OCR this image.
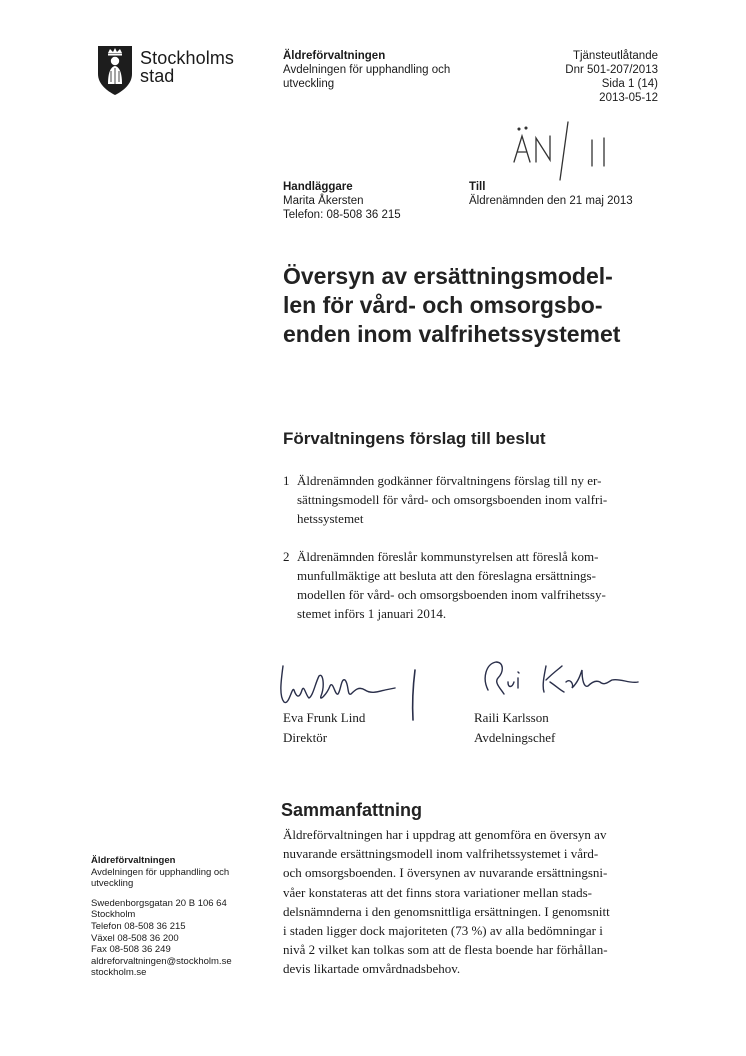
Stockholms
stad
Äldreförvaltningen
Avdelningen för upphandling och utveckling
Tjänsteutlåtande
Dnr 501-207/2013
Sida 1 (14)
2013-05-12
ÄN / 11
Handläggare
Marita Åkersten
Telefon: 08-508 36 215
Till
Äldrenämnden den 21 maj 2013
Översyn av ersättningsmodel-
len för vård- och omsorgsbo-
enden inom valfrihetssystemet
Förvaltningens förslag till beslut
1 Äldrenämnden godkänner förvaltningens förslag till ny er-
sättningsmodell för vård- och omsorgsboenden inom valfri-
hetssystemet
2 Äldrenämnden föreslår kommunstyrelsen att föreslå kom-
munfullmäktige att besluta att den föreslagna ersättnings-
modellen för vård- och omsorgsboenden inom valfrihetssy-
stemet införs 1 januari 2014.
Eva Frunk Lind
Direktör
Raili Karlsson
Avdelningschef
Sammanfattning
Äldreförvaltningen har i uppdrag att genomföra en översyn av
nuvarande ersättningsmodell inom valfrihetssystemet i vård-
och omsorgsboenden. I översynen av nuvarande ersättningsni-
våer konstateras att det finns stora variationer mellan stads-
delsnämnderna i den genomsnittliga ersättningen. I genomsnitt
i staden ligger dock majoriteten (73 %) av alla bedömningar i
nivå 2 vilket kan tolkas som att de flesta boende har förhållan-
devis likartade omvårdnadsbehov.
Äldreförvaltningen
Avdelningen för upphandling och
utveckling
Swedenborgsgatan 20 B 106 64
Stockholm
Telefon 08-508 36 215
Växel 08-508 36 200
Fax 08-508 36 249
aldreforvaltningen@stockholm.se
stockholm.se
